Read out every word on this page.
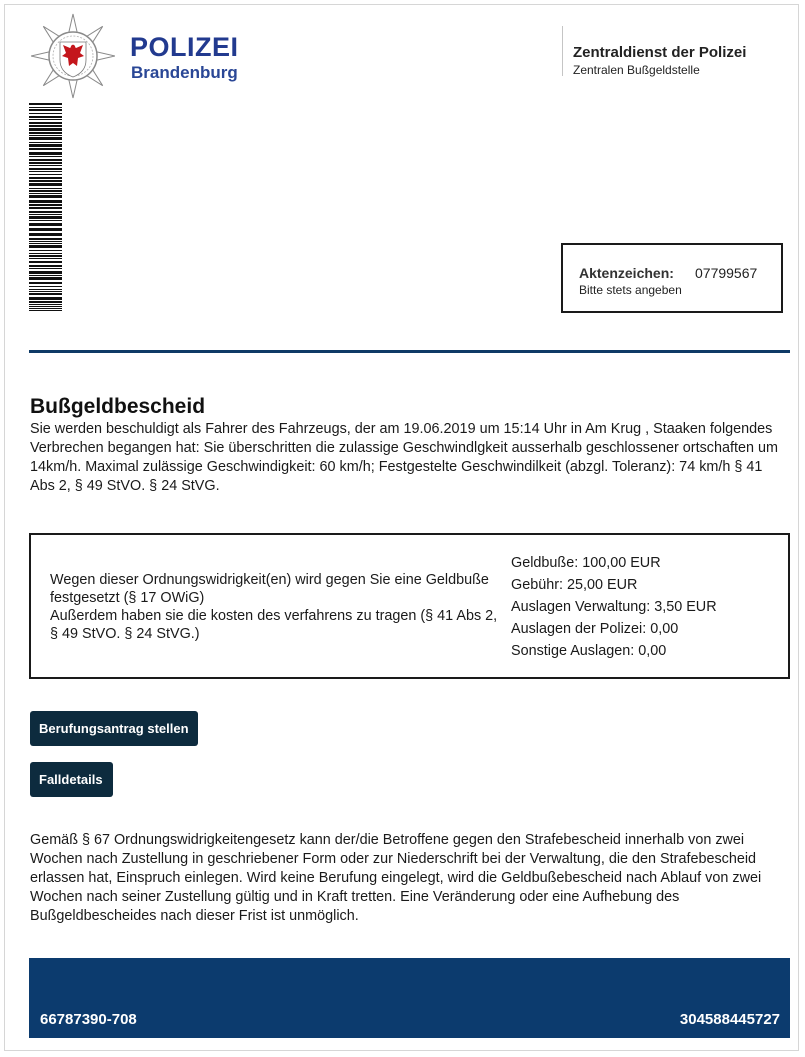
POLIZEI
Brandenburg
Zentraldienst der Polizei
Zentralen Bußgeldstelle
Aktenzeichen: 07799567
Bitte stets angeben
Bußgeldbescheid
Sie werden beschuldigt als Fahrer des Fahrzeugs, der am 19.06.2019 um 15:14 Uhr in Am Krug , Staaken folgendes Verbrechen begangen hat: Sie überschritten die zulassige Geschwindlgkeit ausserhalb geschlossener ortschaften um 14km/h. Maximal zulässige Geschwindigkeit: 60 km/h; Festgestelte Geschwindilkeit (abzgl. Toleranz): 74 km/h § 41 Abs 2, § 49 StVO. § 24 StVG.
Wegen dieser Ordnungswidrigkeit(en) wird gegen Sie eine Geldbuße festgesetzt (§ 17 OWiG)
Außerdem haben sie die kosten des verfahrens zu tragen (§ 41 Abs 2, § 49 StVO. § 24 StVG.)
Geldbuße: 100,00 EUR
Gebühr: 25,00 EUR
Auslagen Verwaltung: 3,50 EUR
Auslagen der Polizei: 0,00
Sonstige Auslagen: 0,00
Berufungsantrag stellen
Falldetails
Gemäß § 67 Ordnungswidrigkeitengesetz kann der/die Betroffene gegen den Strafebescheid innerhalb von zwei Wochen nach Zustellung in geschriebener Form oder zur Niederschrift bei der Verwaltung, die den Strafebescheid erlassen hat, Einspruch einlegen. Wird keine Berufung eingelegt, wird die Geldbußebescheid nach Ablauf von zwei Wochen nach seiner Zustellung gültig und in Kraft tretten. Eine Veränderung oder eine Aufhebung des Bußgeldbescheides nach dieser Frist ist unmöglich.
66787390-708	304588445727
